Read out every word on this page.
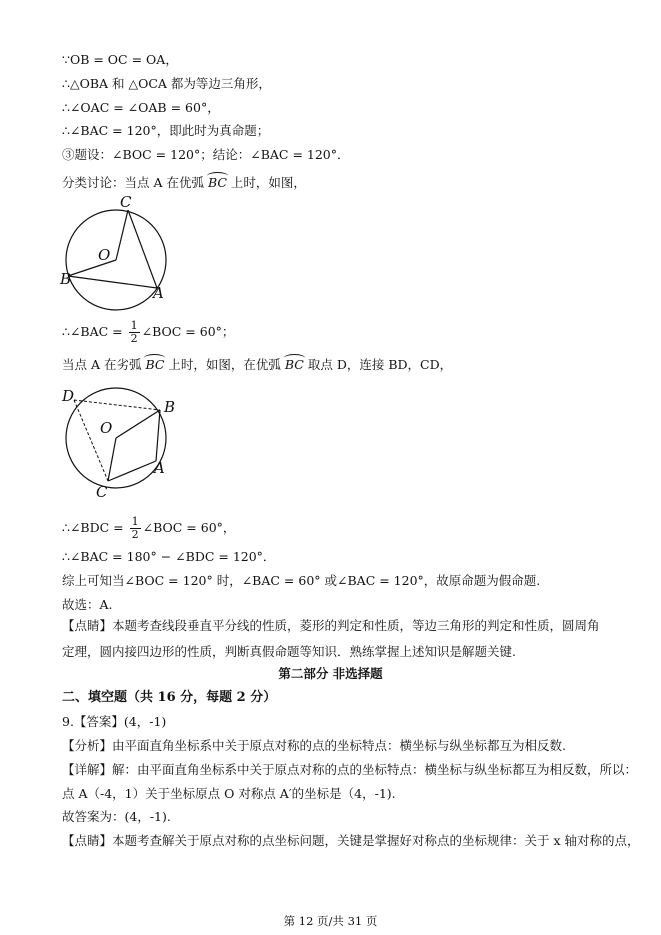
∵OB = OC = OA，
∴△OBA 和 △OCA 都为等边三角形，
∴∠OAC = ∠OAB = 60°，
∴∠BAC = 120°，即此时为真命题；
③题设：∠BOC = 120°；结论：∠BAC = 120°．
分类讨论：当点 A 在优弧 BC 上时，如图，
C
O
B
A
∴∠BAC = $\frac{1}{2}$ ∠BOC = 60°；
当点 A 在劣弧 BC 上时，如图，在优弧 BC 取点 D，连接 BD，CD，
D
B
O
A
C
∴∠BDC = $\frac{1}{2}$ ∠BOC = 60°，
∴∠BAC = 180° − ∠BDC = 120°．
综上可知当∠BOC = 120° 时，∠BAC = 60° 或∠BAC = 120°，故原命题为假命题.
故选：A.
【点睛】本题考查线段垂直平分线的性质，菱形的判定和性质，等边三角形的判定和性质，圆周角定理，圆内接四边形的性质，判断真假命题等知识．熟练掌握上述知识是解题关键.
第二部分 非选择题
二、填空题（共 16 分，每题 2 分）
9.【答案】(4，-1)
【分析】由平面直角坐标系中关于原点对称的点的坐标特点：横坐标与纵坐标都互为相反数.
【详解】解：由平面直角坐标系中关于原点对称的点的坐标特点：横坐标与纵坐标都互为相反数，所以：
点 A（-4，1）关于坐标原点 O 对称点 A′的坐标是（4，-1).
故答案为：(4，-1).
【点睛】本题考查解关于原点对称的点坐标问题，关键是掌握好对称点的坐标规律：关于 x 轴对称的点，
第 12 页/共 31 页
